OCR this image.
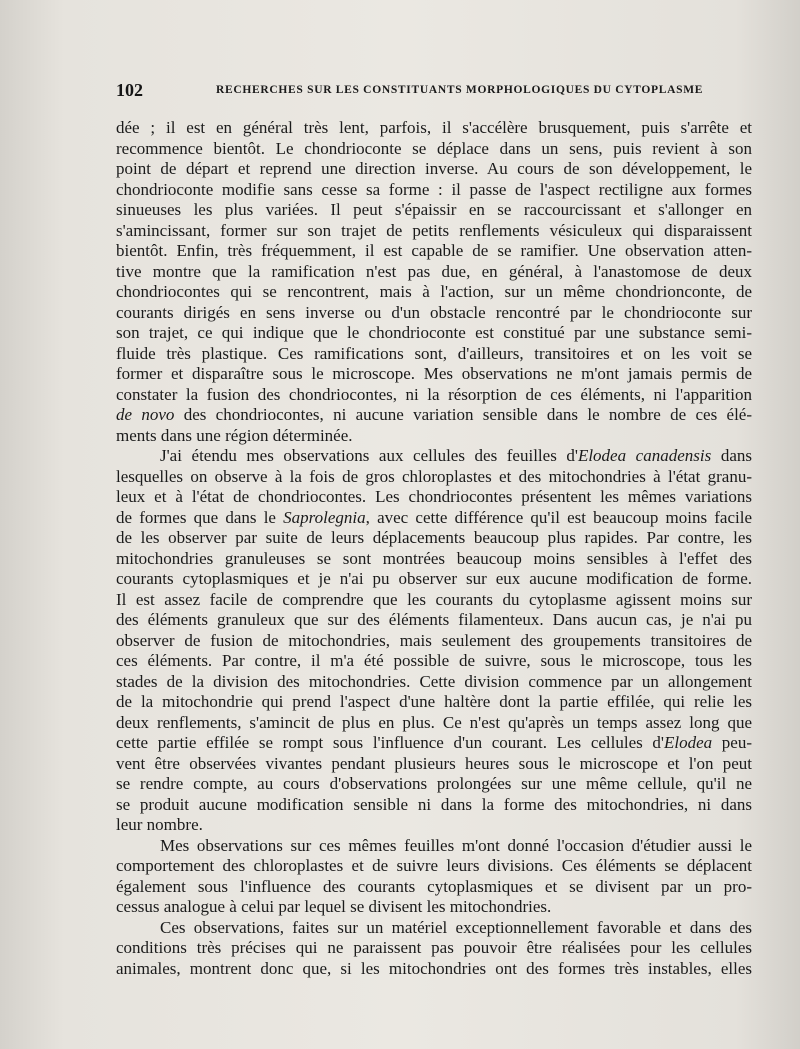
102	RECHERCHES SUR LES CONSTITUANTS MORPHOLOGIQUES DU CYTOPLASME
dée ; il est en général très lent, parfois, il s'accélère brusquement, puis s'arrête et
recommence bientôt. Le chondrioconte se déplace dans un sens, puis revient à son
point de départ et reprend une direction inverse. Au cours de son développement, le
chondrioconte modifie sans cesse sa forme : il passe de l'aspect rectiligne aux formes
sinueuses les plus variées. Il peut s'épaissir en se raccourcissant et s'allonger en
s'amincissant, former sur son trajet de petits renflements vésiculeux qui disparaissent
bientôt. Enfin, très fréquemment, il est capable de se ramifier. Une observation atten-
tive montre que la ramification n'est pas due, en général, à l'anastomose de deux
chondriocontes qui se rencontrent, mais à l'action, sur un même chondrionconte, de
courants dirigés en sens inverse ou d'un obstacle rencontré par le chondrioconte sur
son trajet, ce qui indique que le chondrioconte est constitué par une substance semi-
fluide très plastique. Ces ramifications sont, d'ailleurs, transitoires et on les voit se
former et disparaître sous le microscope. Mes observations ne m'ont jamais permis de
constater la fusion des chondriocontes, ni la résorption de ces éléments, ni l'apparition
de novo des chondriocontes, ni aucune variation sensible dans le nombre de ces élé-
ments dans une région déterminée.
J'ai étendu mes observations aux cellules des feuilles d'Elodea canadensis dans
lesquelles on observe à la fois de gros chloroplastes et des mitochondries à l'état granu-
leux et à l'état de chondriocontes. Les chondriocontes présentent les mêmes variations
de formes que dans le Saprolegnia, avec cette différence qu'il est beaucoup moins facile
de les observer par suite de leurs déplacements beaucoup plus rapides. Par contre, les
mitochondries granuleuses se sont montrées beaucoup moins sensibles à l'effet des
courants cytoplasmiques et je n'ai pu observer sur eux aucune modification de forme.
Il est assez facile de comprendre que les courants du cytoplasme agissent moins sur
des éléments granuleux que sur des éléments filamenteux. Dans aucun cas, je n'ai pu
observer de fusion de mitochondries, mais seulement des groupements transitoires de
ces éléments. Par contre, il m'a été possible de suivre, sous le microscope, tous les
stades de la division des mitochondries. Cette division commence par un allongement
de la mitochondrie qui prend l'aspect d'une haltère dont la partie effilée, qui relie les
deux renflements, s'amincit de plus en plus. Ce n'est qu'après un temps assez long que
cette partie effilée se rompt sous l'influence d'un courant. Les cellules d'Elodea peu-
vent être observées vivantes pendant plusieurs heures sous le microscope et l'on peut
se rendre compte, au cours d'observations prolongées sur une même cellule, qu'il ne
se produit aucune modification sensible ni dans la forme des mitochondries, ni dans
leur nombre.
Mes observations sur ces mêmes feuilles m'ont donné l'occasion d'étudier aussi le
comportement des chloroplastes et de suivre leurs divisions. Ces éléments se déplacent
également sous l'influence des courants cytoplasmiques et se divisent par un pro-
cessus analogue à celui par lequel se divisent les mitochondries.
Ces observations, faites sur un matériel exceptionnellement favorable et dans des
conditions très précises qui ne paraissent pas pouvoir être réalisées pour les cellules
animales, montrent donc que, si les mitochondries ont des formes très instables, elles
